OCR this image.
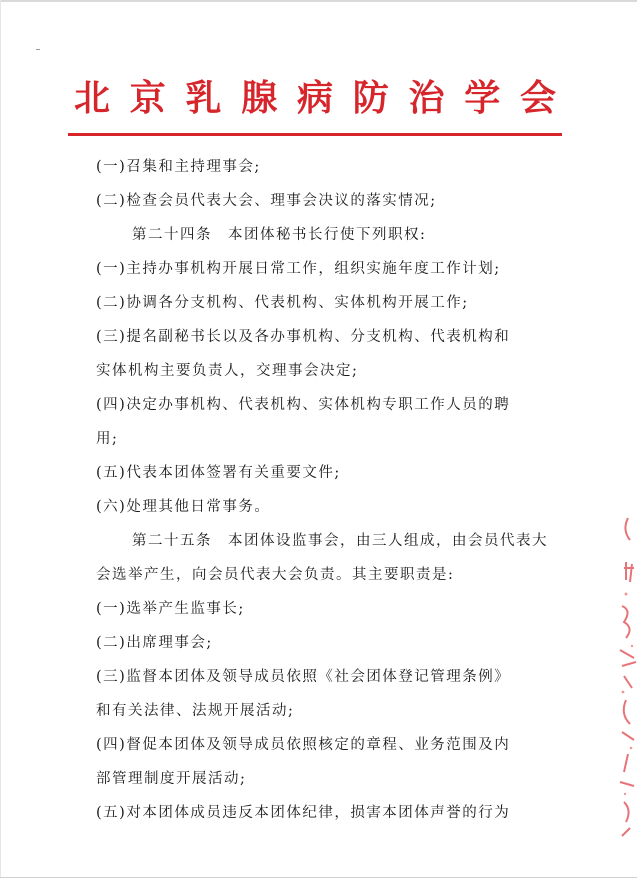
北 京 乳 腺 病 防 治 学 会

(一)召集和主持理事会;

(二)检查会员代表大会、理事会决议的落实情况;

第二十四条　本团体秘书长行使下列职权:

(一)主持办事机构开展日常工作，组织实施年度工作计划;

(二)协调各分支机构、代表机构、实体机构开展工作;

(三)提名副秘书长以及各办事机构、分支机构、代表机构和

实体机构主要负责人，交理事会决定;

(四)决定办事机构、代表机构、实体机构专职工作人员的聘

用;

(五)代表本团体签署有关重要文件;

(六)处理其他日常事务。

第二十五条　本团体设监事会，由三人组成，由会员代表大

会选举产生，向会员代表大会负责。其主要职责是:

(一)选举产生监事长;

(二)出席理事会;

(三)监督本团体及领导成员依照《社会团体登记管理条例》

和有关法律、法规开展活动;

(四)督促本团体及领导成员依照核定的章程、业务范围及内

部管理制度开展活动;

(五)对本团体成员违反本团体纪律，损害本团体声誉的行为
